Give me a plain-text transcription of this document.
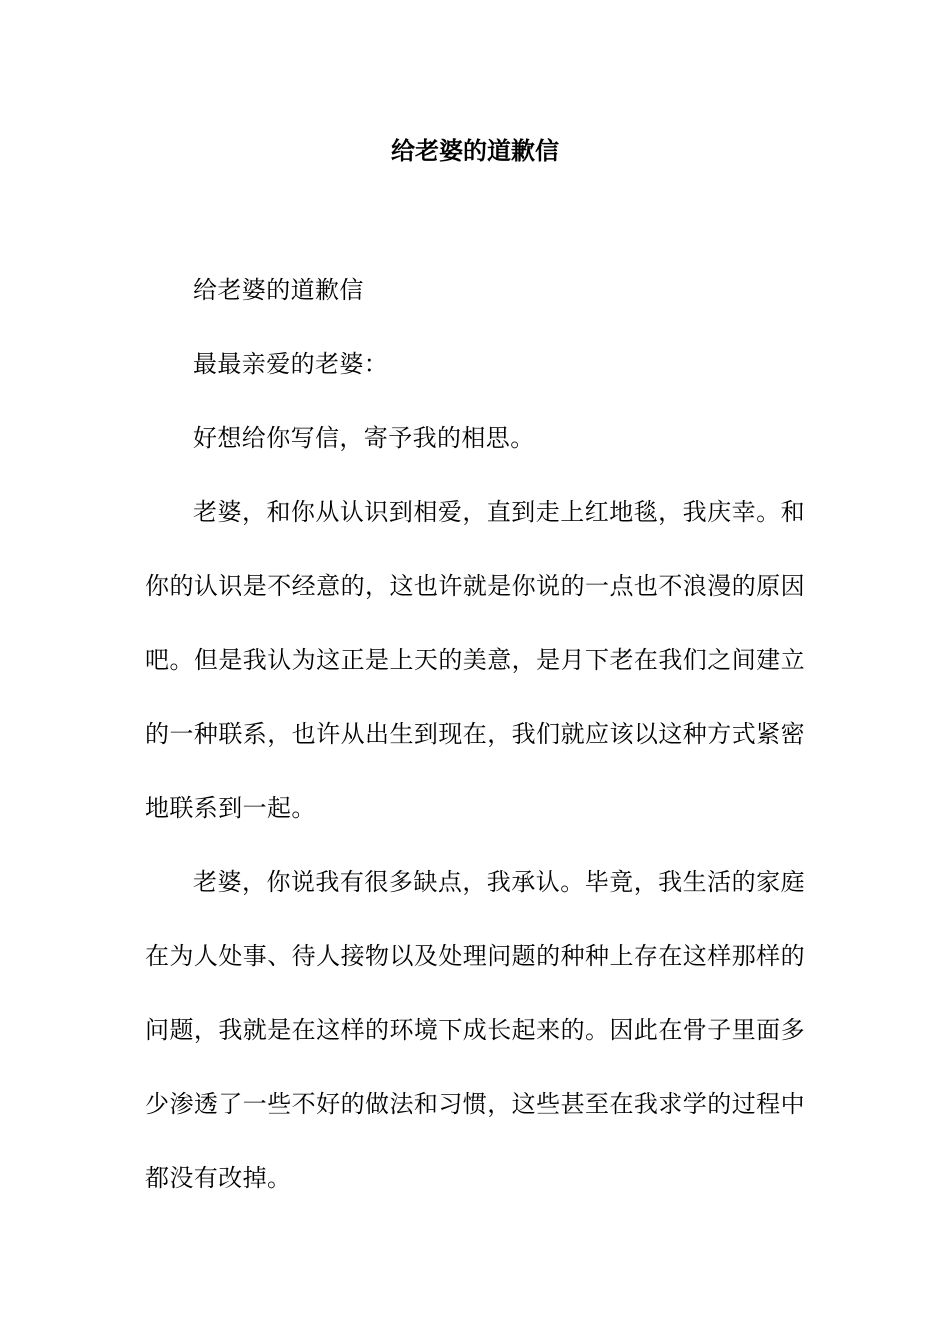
给老婆的道歉信

给老婆的道歉信

最最亲爱的老婆：

好想给你写信，寄予我的相思。

老婆，和你从认识到相爱，直到走上红地毯，我庆幸。和你的认识是不经意的，这也许就是你说的一点也不浪漫的原因吧。但是我认为这正是上天的美意，是月下老在我们之间建立的一种联系，也许从出生到现在，我们就应该以这种方式紧密地联系到一起。

老婆，你说我有很多缺点，我承认。毕竟，我生活的家庭在为人处事、待人接物以及处理问题的种种上存在这样那样的问题，我就是在这样的环境下成长起来的。因此在骨子里面多少渗透了一些不好的做法和习惯，这些甚至在我求学的过程中都没有改掉。
